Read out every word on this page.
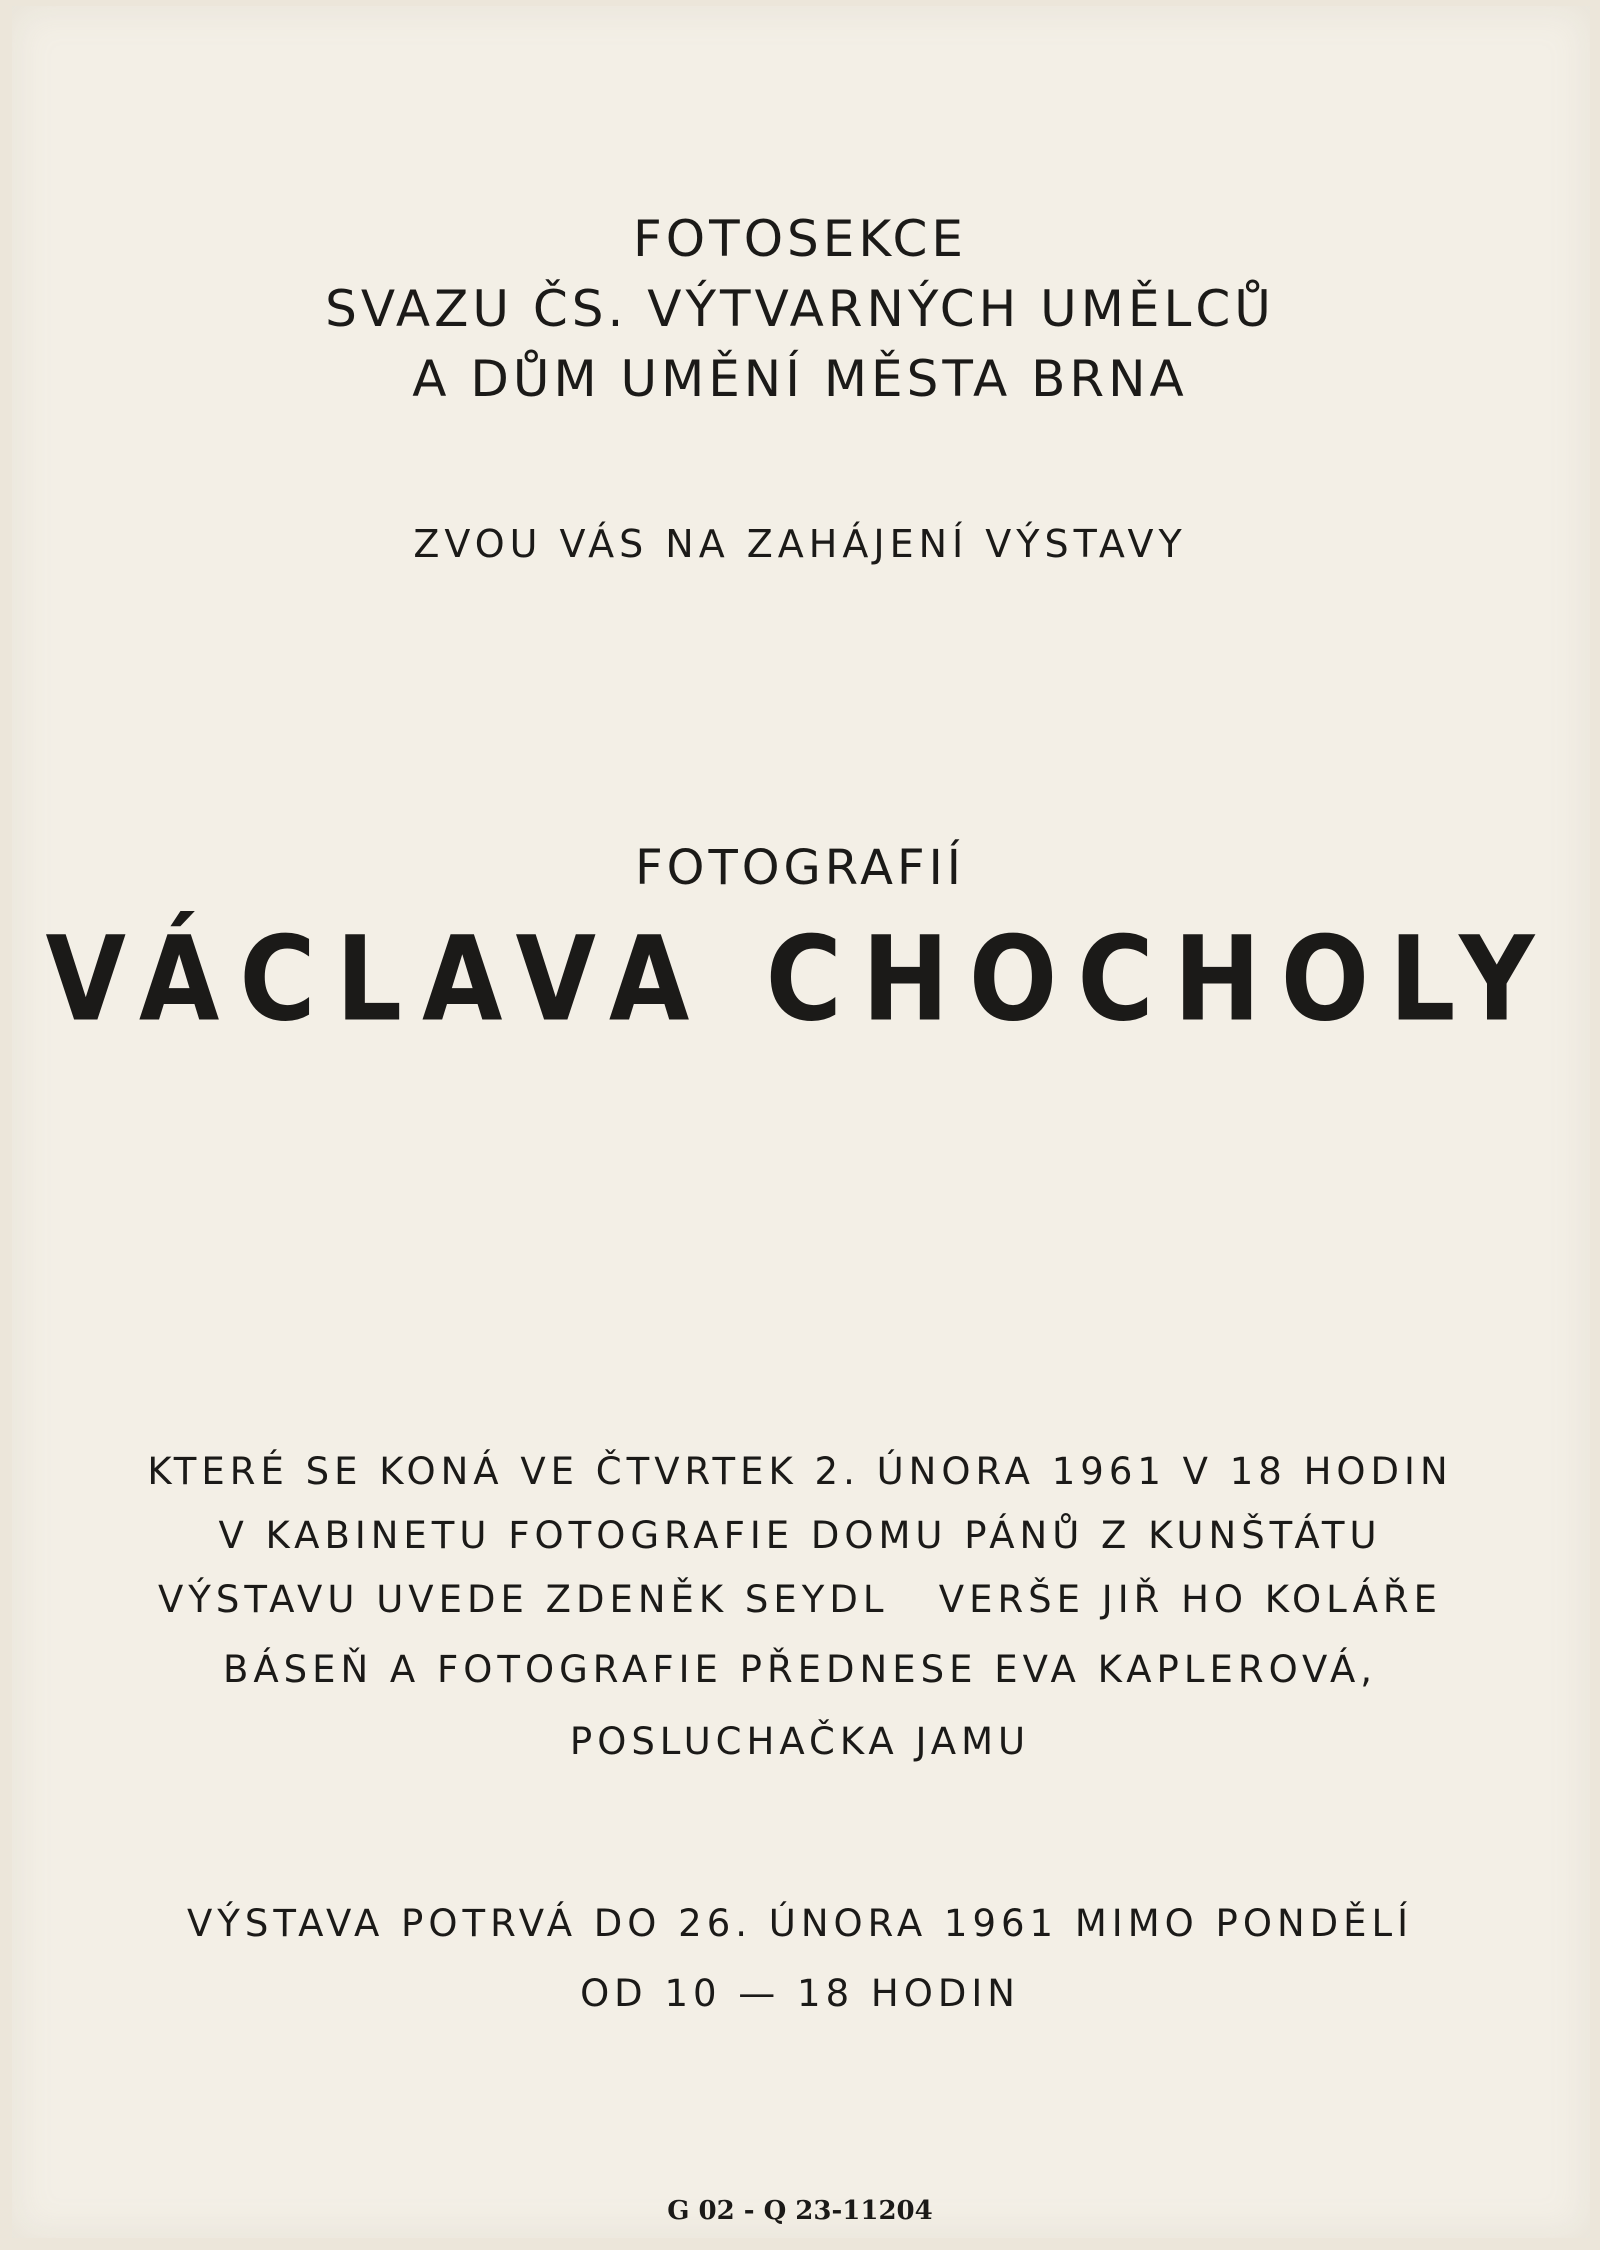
FOTOSEKCE
SVAZU ČS. VÝTVARNÝCH UMĚLCŮ
A DŮM UMĚNÍ MĚSTA BRNA
ZVOU VÁS NA ZAHÁJENÍ VÝSTAVY
FOTOGRAFIÍ
VÁCLAVA CHOCHOLY
KTERÉ SE KONÁ VE ČTVRTEK 2. ÚNORA 1961 V 18 HODIN
V KABINETU FOTOGRAFIE DOMU PÁNŮ Z KUNŠTÁTU
VÝSTAVU UVEDE ZDENĚK SEYDL   VERŠE JIŘ HO KOLÁŘE
BÁSEŇ A FOTOGRAFIE PŘEDNESE EVA KAPLEROVÁ,
POSLUCHAČKA JAMU
VÝSTAVA POTRVÁ DO 26. ÚNORA 1961 MIMO PONDĚLÍ
OD 10 — 18 HODIN
G 02 - Q 23-11204
